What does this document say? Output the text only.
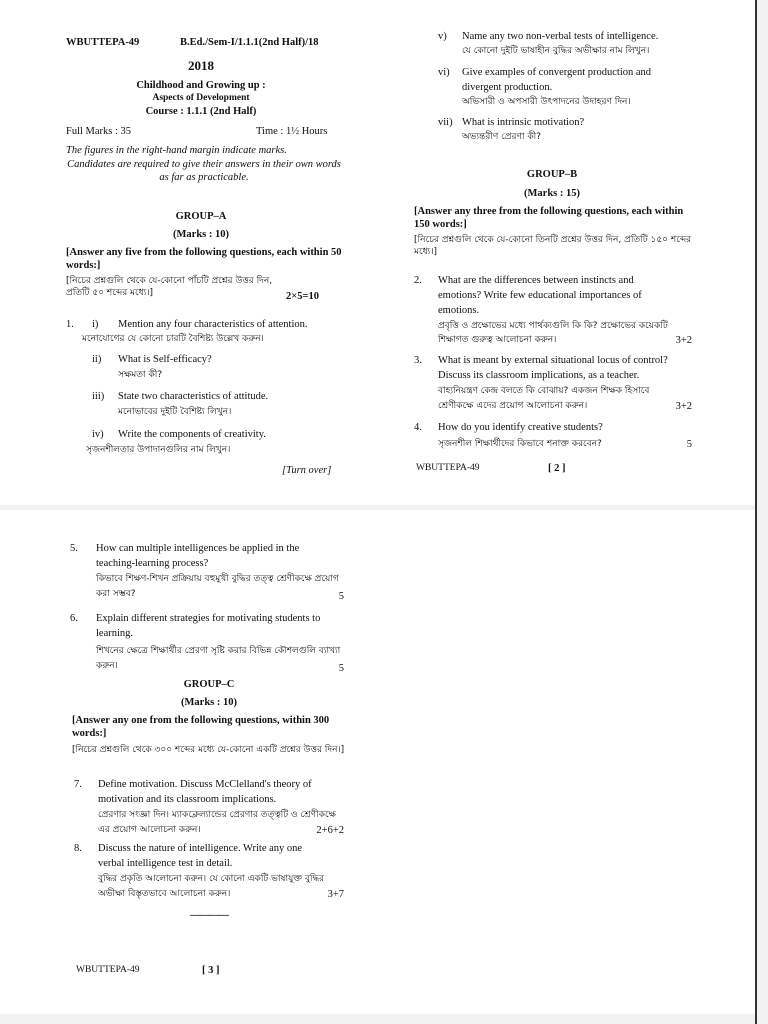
WBUTTEPA-49	B.Ed./Sem-I/1.1.1(2nd Half)/18
2018
Childhood and Growing up :
Aspects of Development
Course : 1.1.1 (2nd Half)
Full Marks : 35	Time : 1½ Hours
The figures in the right-hand margin indicate marks.
Candidates are required to give their answers in their own words as far as practicable.
GROUP–A
(Marks : 10)
[Answer any five from the following questions, each within 50 words:]
[নিচের প্রশ্নগুলি থেকে যে-কোনো পাঁচটি প্রশ্নের উত্তর দিন, প্রতিটি ৫০ শব্দের মধ্যে।]	2×5=10
1. i) Mention any four characteristics of attention.
মনোযোগের যে কোনো চারটি বৈশিষ্ট্য উল্লেখ করুন।
ii) What is Self-efficacy?
সক্ষমতা কী?
iii) State two characteristics of attitude.
মনোভাবের দুইটি বৈশিষ্ট্য লিখুন।
iv) Write the components of creativity.
সৃজনশীলতার উপাদানগুলির নাম লিখুন।
[Turn over]
v) Name any two non-verbal tests of intelligence.
যে কোনো দুইটি ভাষাহীন বুদ্ধির অভীক্ষার নাম লিখুন।
vi) Give examples of convergent production and
divergent production.
অভিসারী ও অপসারী উৎপাদনের উদাহরণ দিন।
vii) What is intrinsic motivation?
অভ্যন্তরীণ প্রেরণা কী?
GROUP–B
(Marks : 15)
[Answer any three from the following questions, each within 150 words:]
[নিচের প্রশ্নগুলি থেকে যে-কোনো তিনটি প্রশ্নের উত্তর দিন, প্রতিটি ১৫০ শব্দের মধ্যে।]
2. What are the differences between instincts and
emotions? Write few educational importances of
emotions.
প্রবৃত্তি ও প্রক্ষোভের মধ্যে পার্থক্যগুলি কি কি? প্রক্ষোভের কয়েকটি
শিক্ষাগত গুরুত্ব আলোচনা করুন।	3+2
3. What is meant by external situational locus of control?
Discuss its classroom implications, as a teacher.
বাহ্যনিয়ন্ত্রণ কেন্দ্র বলতে কি বোঝায়? একজন শিক্ষক হিসাবে
শ্রেণীকক্ষে এদের প্রয়োগ আলোচনা করুন।	3+2
4. How do you identify creative students?
সৃজনশীল শিক্ষার্থীদের কিভাবে শনাক্ত করবেন?	5
WBUTTEPA-49	[ 2 ]
5. How can multiple intelligences be applied in the
teaching-learning process?
কিভাবে শিক্ষণ-শিখন প্রক্রিয়ায় বহুমুখী বুদ্ধির তত্ত্ব শ্রেণীকক্ষে প্রয়োগ
করা সম্ভব?	5
6. Explain different strategies for motivating students to
learning.
শিখনের ক্ষেত্রে শিক্ষার্থীর প্রেরণা সৃষ্টি করার বিভিন্ন কৌশলগুলি ব্যাখ্যা
করুন।	5
GROUP–C
(Marks : 10)
[Answer any one from the following questions, within 300 words:]
[নিচের প্রশ্নগুলি থেকে ৩০০ শব্দের মধ্যে যে-কোনো একটি প্রশ্নের উত্তর দিন।]
7. Define motivation. Discuss McClelland's theory of
motivation and its classroom implications.
প্রেরণার সংজ্ঞা দিন। ম্যাকক্লেল্যান্ডের প্রেরণার তত্ত্বটি ও শ্রেণীকক্ষে
এর প্রয়োগ আলোচনা করুন।	2+6+2
8. Discuss the nature of intelligence. Write any one
verbal intelligence test in detail.
বুদ্ধির প্রকৃতি আলোচনা করুন। যে কোনো একটি ভাষাযুক্ত বুদ্ধির
অভীক্ষা বিস্তৃতভাবে আলোচনা করুন।	3+7
————
WBUTTEPA-49	[ 3 ]
